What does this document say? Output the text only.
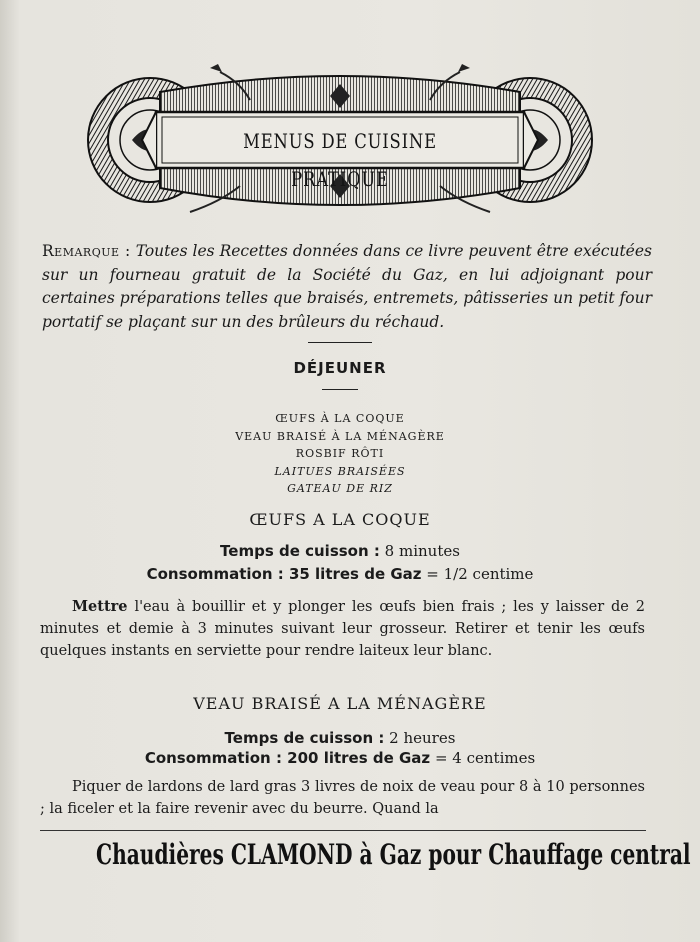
MENUS DE CUISINE PRATIQUE
Remarque : Toutes les Recettes données dans ce livre peuvent être exécutées sur un fourneau gratuit de la Société du Gaz, en lui adjoignant pour certaines préparations telles que braisés, entremets, pâtisseries un petit four portatif se plaçant sur un des brûleurs du réchaud.
DÉJEUNER
ŒUFS À LA COQUE
VEAU BRAISÉ À LA MÉNAGÈRE
ROSBIF RÔTI
LAITUES BRAISÉES
GATEAU DE RIZ
ŒUFS A LA COQUE
Temps de cuisson : 8 minutes
Consommation : 35 litres de Gaz = 1/2 centime
Mettre l'eau à bouillir et y plonger les œufs bien frais ; les y laisser de 2 minutes et demie à 3 minutes suivant leur grosseur. Retirer et tenir les œufs quelques instants en serviette pour rendre laiteux leur blanc.
VEAU BRAISÉ A LA MÉNAGÈRE
Temps de cuisson : 2 heures
Consommation : 200 litres de Gaz = 4 centimes
Piquer de lardons de lard gras 3 livres de noix de veau pour 8 à 10 personnes ; la ficeler et la faire revenir avec du beurre. Quand la
Chaudières CLAMOND à Gaz pour Chauffage central
